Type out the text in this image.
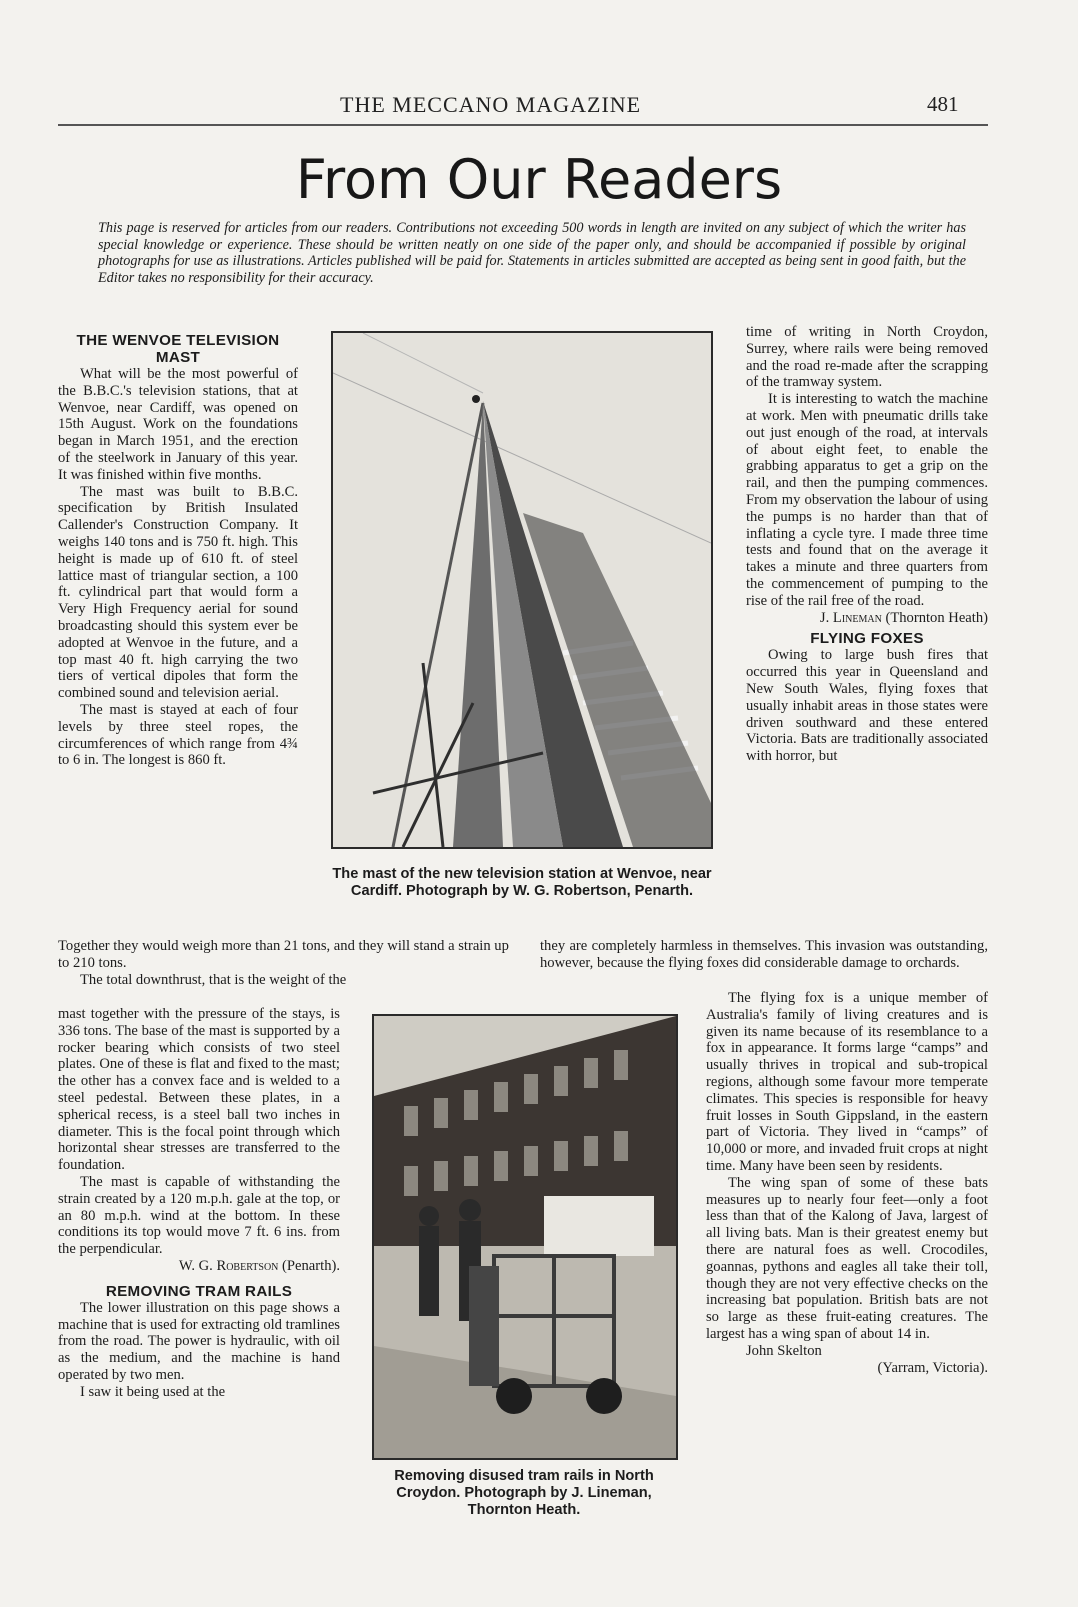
THE MECCANO MAGAZINE	481
From Our Readers
This page is reserved for articles from our readers. Contributions not exceeding 500 words in length are invited on any subject of which the writer has special knowledge or experience. These should be written neatly on one side of the paper only, and should be accompanied if possible by original photographs for use as illustrations. Articles published will be paid for. Statements in articles submitted are accepted as being sent in good faith, but the Editor takes no responsibility for their accuracy.
THE WENVOE TELEVISION MAST

What will be the most powerful of the B.B.C.'s television stations, that at Wenvoe, near Cardiff, was opened on 15th August. Work on the foundations began in March 1951, and the erection of the steelwork in January of this year. It was finished within five months.

The mast was built to B.B.C. specification by British Insulated Callender's Construction Company. It weighs 140 tons and is 750 ft. high. This height is made up of 610 ft. of steel lattice mast of triangular section, a 100 ft. cylindrical part that would form a Very High Frequency aerial for sound broadcasting should this system ever be adopted at Wenvoe in the future, and a top mast 40 ft. high carrying the two tiers of vertical dipoles that form the combined sound and television aerial.

The mast is stayed at each of four levels by three steel ropes, the circumferences of which range from 4¾ to 6 in. The longest is 860 ft.

Together they would weigh more than 21 tons, and they will stand a strain up to 210 tons.
The total downthrust, that is the weight of the

mast together with the pressure of the stays, is 336 tons. The base of the mast is supported by a rocker bearing which consists of two steel plates. One of these is flat and fixed to the mast; the other has a convex face and is welded to a steel pedestal. Between these plates, in a spherical recess, is a steel ball two inches in diameter. This is the focal point through which horizontal shear stresses are transferred to the foundation.

The mast is capable of withstanding the strain created by a 120 m.p.h. gale at the top, or an 80 m.p.h. wind at the bottom. In these conditions its top would move 7 ft. 6 ins. from the perpendicular.

W. G. Robertson (Penarth).

REMOVING TRAM RAILS

The lower illustration on this page shows a machine that is used for extracting old tramlines from the road. The power is hydraulic, with oil as the medium, and the machine is hand operated by two men.

I saw it being used at the

The mast of the new television station at Wenvoe, near Cardiff. Photograph by W. G. Robertson, Penarth.

time of writing in North Croydon, Surrey, where rails were being removed and the road re-made after the scrapping of the tramway system.

It is interesting to watch the machine at work. Men with pneumatic drills take out just enough of the road, at intervals of about eight feet, to enable the grabbing apparatus to get a grip on the rail, and then the pumping commences. From my observation the labour of using the pumps is no harder than that of inflating a cycle tyre. I made three time tests and found that on the average it takes a minute and three quarters from the commencement of pumping to the rise of the rail free of the road.

J. Lineman (Thornton Heath)

FLYING FOXES

Owing to large bush fires that occurred this year in Queensland and New South Wales, flying foxes that usually inhabit areas in those states were driven southward and these entered Victoria. Bats are traditionally associated with horror, but

they are completely harmless in themselves. This invasion was outstanding, however, because the flying foxes did considerable damage to orchards.

Removing disused tram rails in North Croydon. Photograph by J. Lineman, Thornton Heath.

The flying fox is a unique member of Australia's family of living creatures and is given its name because of its resemblance to a fox in appearance. It forms large “camps” and usually thrives in tropical and sub-tropical regions, although some favour more temperate climates. This species is responsible for heavy fruit losses in South Gippsland, in the eastern part of Victoria. They lived in “camps” of 10,000 or more, and invaded fruit crops at night time. Many have been seen by residents.

The wing span of some of these bats measures up to nearly four feet—only a foot less than that of the Kalong of Java, largest of all living bats. Man is their greatest enemy but there are natural foes as well. Crocodiles, goannas, pythons and eagles all take their toll, though they are not very effective checks on the increasing bat population. British bats are not so large as these fruit-eating creatures. The largest has a wing span of about 14 in.

John Skelton

(Yarram, Victoria).
